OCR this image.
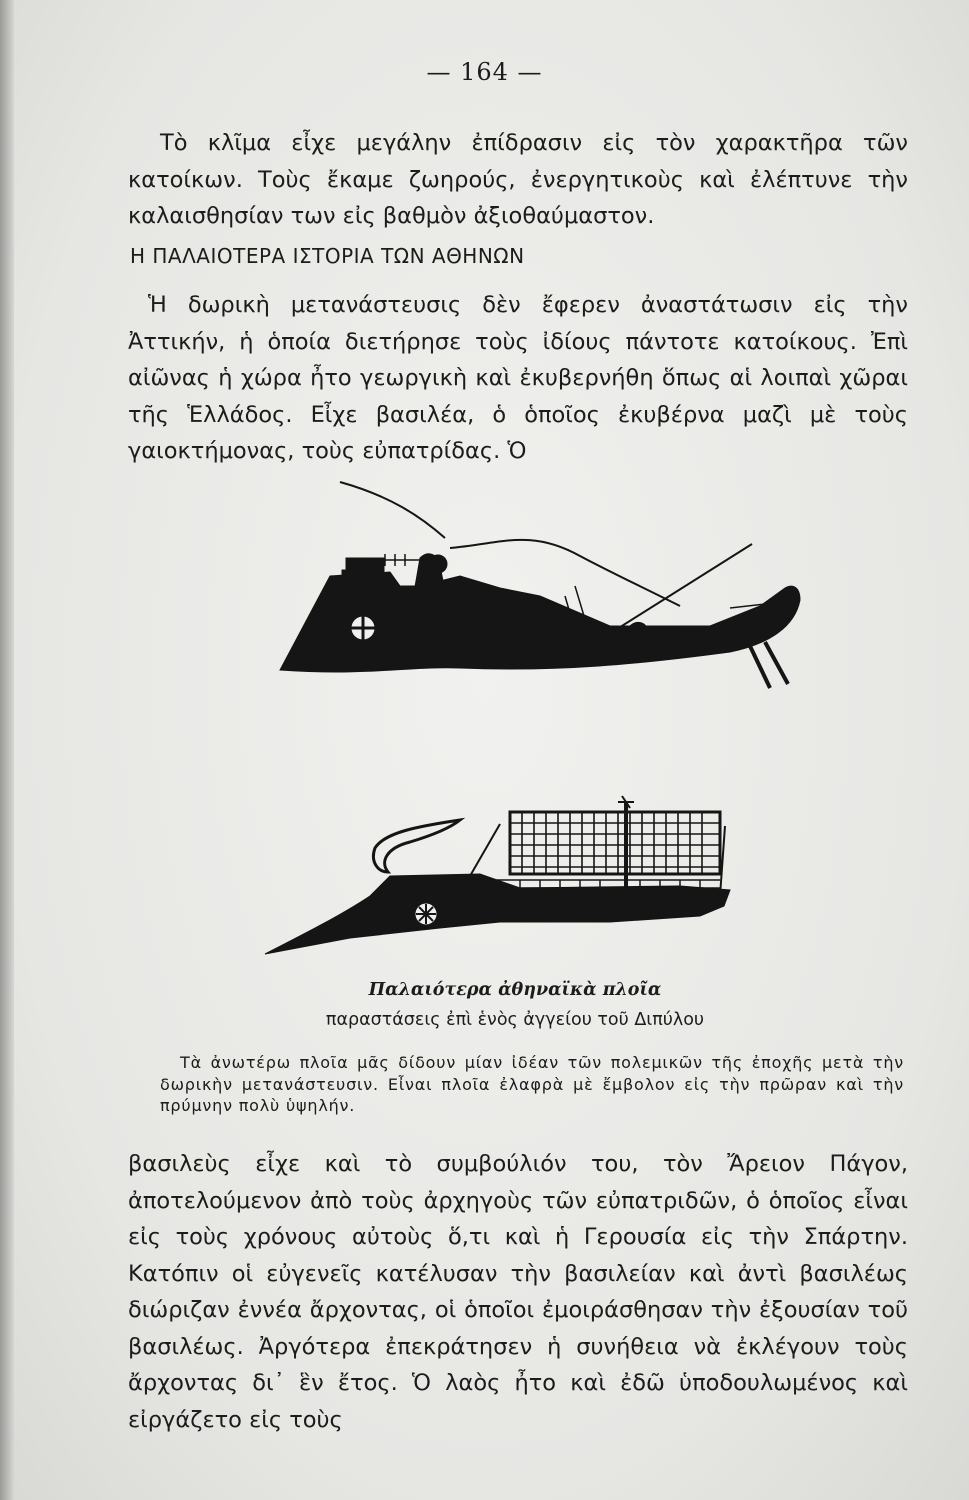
— 164 —

Τὸ κλῖμα εἶχε μεγάλην ἐπίδρασιν εἰς τὸν χαρακτῆρα τῶν κατοίκων. Τοὺς ἔκαμε ζωηρούς, ἐνεργητικοὺς καὶ ἐλέπτυνε τὴν καλαισθησίαν των εἰς βαθμὸν ἀξιοθαύμαστον.

Η ΠΑΛΑΙΟΤΕΡΑ ΙΣΤΟΡΙΑ ΤΩΝ ΑΘΗΝΩΝ

Ἡ δωρικὴ μετανάστευσις δὲν ἔφερεν ἀναστάτωσιν εἰς τὴν Ἀττικήν, ἡ ὁποία διετήρησε τοὺς ἰδίους πάντοτε κατοίκους. Ἐπὶ αἰῶνας ἡ χώρα ἦτο γεωργικὴ καὶ ἐκυβερνήθη ὅπως αἱ λοιπαὶ χῶραι τῆς Ἑλλάδος. Εἶχε βασιλέα, ὁ ὁποῖος ἐκυβέρνα μαζὶ μὲ τοὺς γαιοκτήμονας, τοὺς εὐπατρίδας. Ὁ

Παλαιότερα ἀθηναϊκὰ πλοῖα
παραστάσεις ἐπὶ ἑνὸς ἀγγείου τοῦ Διπύλου

Τὰ ἀνωτέρω πλοῖα μᾶς δίδουν μίαν ἰδέαν τῶν πολεμικῶν τῆς ἐποχῆς μετὰ τὴν δωρικὴν μετανάστευσιν. Εἶναι πλοῖα ἐλαφρὰ μὲ ἔμβολον εἰς τὴν πρῶραν καὶ τὴν πρύμνην πολὺ ὑψηλήν.

βασιλεὺς εἶχε καὶ τὸ συμβούλιόν του, τὸν Ἄρειον Πάγον, ἀποτελούμενον ἀπὸ τοὺς ἀρχηγοὺς τῶν εὐπατριδῶν, ὁ ὁποῖος εἶναι εἰς τοὺς χρόνους αὐτοὺς ὅ,τι καὶ ἡ Γερουσία εἰς τὴν Σπάρτην. Κατόπιν οἱ εὐγενεῖς κατέλυσαν τὴν βασιλείαν καὶ ἀντὶ βασιλέως διώριζαν ἐννέα ἄρχοντας, οἱ ὁποῖοι ἐμοιράσθησαν τὴν ἐξουσίαν τοῦ βασιλέως. Ἀργότερα ἐπεκράτησεν ἡ συνήθεια νὰ ἐκλέγουν τοὺς ἄρχοντας δι᾿ ἓν ἔτος. Ὁ λαὸς ἦτο καὶ ἐδῶ ὑποδουλωμένος καὶ εἰργάζετο εἰς τοὺς
